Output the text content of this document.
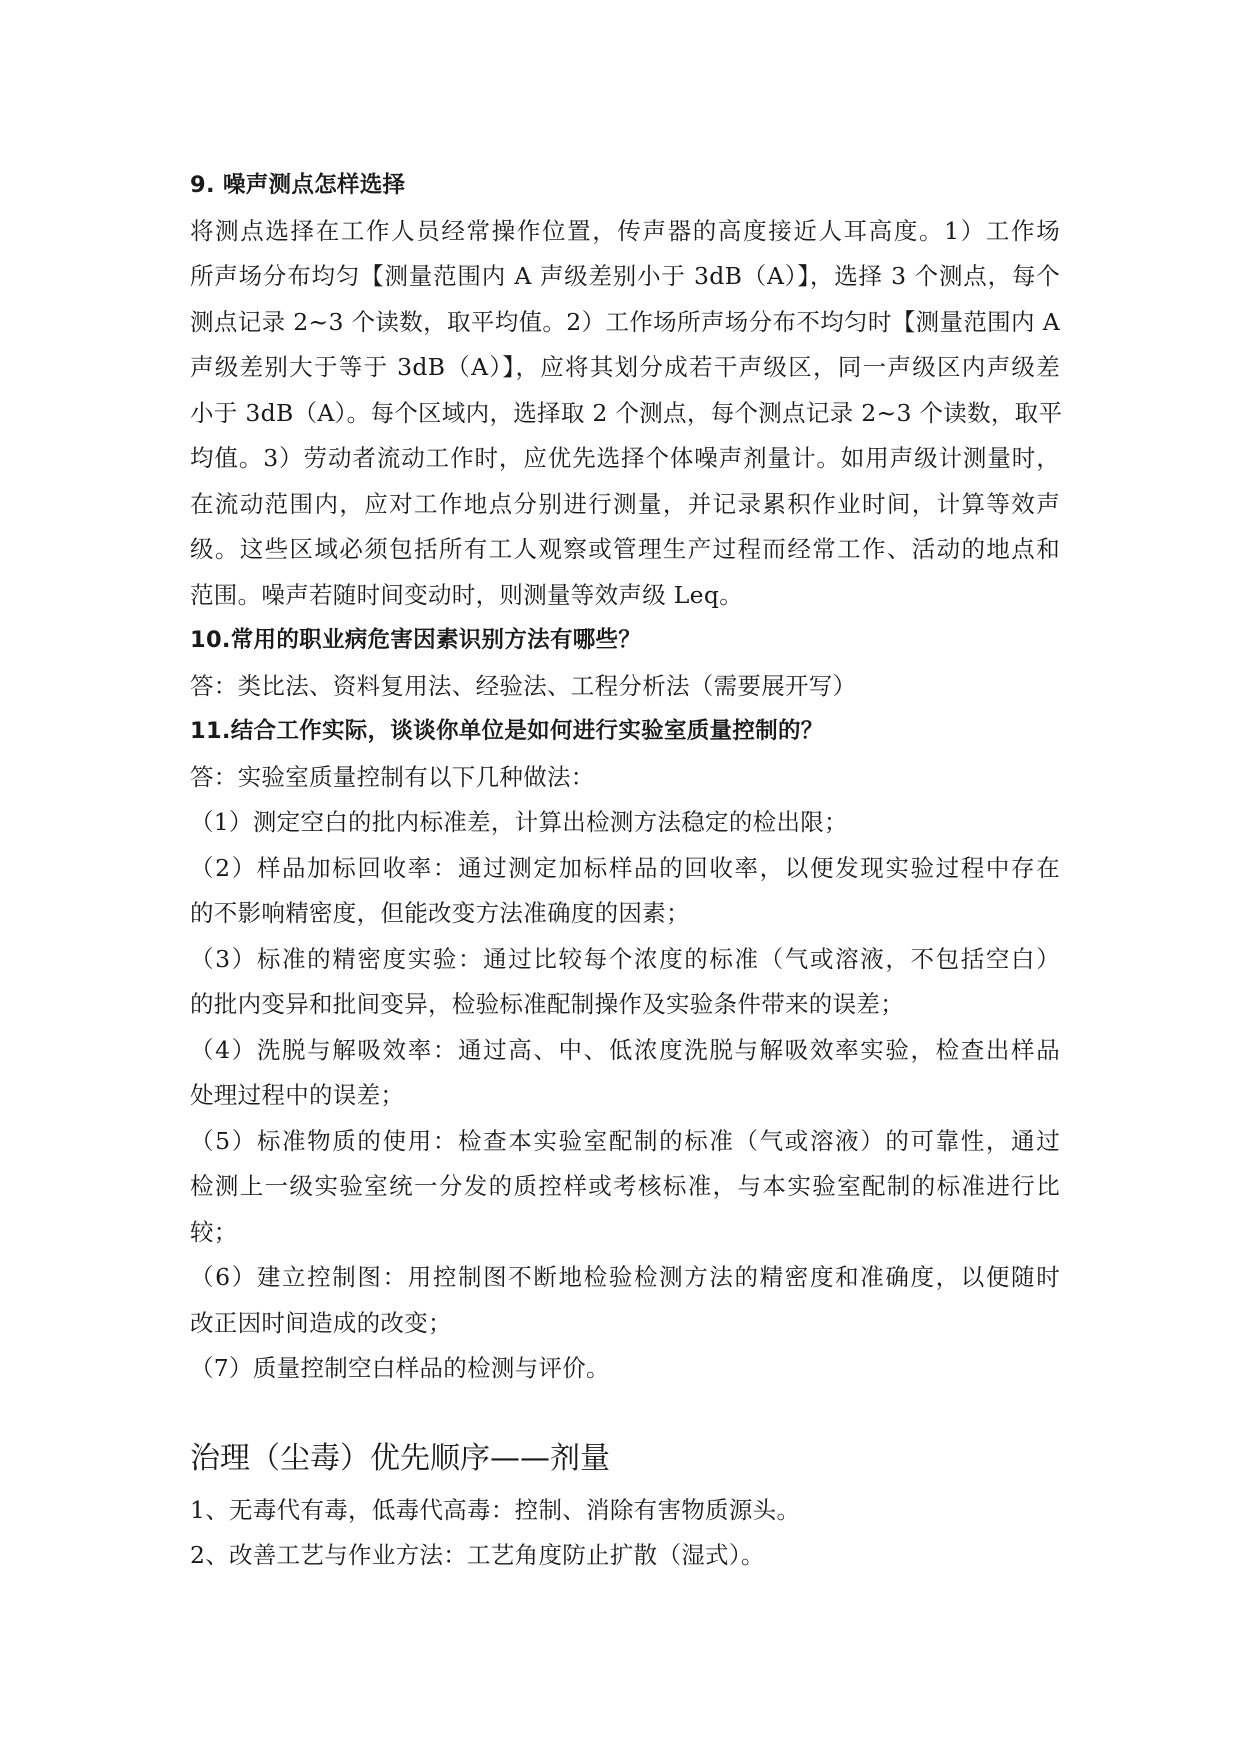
9. 噪声测点怎样选择
将测点选择在工作人员经常操作位置，传声器的高度接近人耳高度。1）工作场
所声场分布均匀【测量范围内 A 声级差别小于 3dB（A）】，选择 3 个测点，每个
测点记录 2~3 个读数，取平均值。2）工作场所声场分布不均匀时【测量范围内 A
声级差别大于等于 3dB（A）】，应将其划分成若干声级区，同一声级区内声级差
小于 3dB（A）。每个区域内，选择取 2 个测点，每个测点记录 2~3 个读数，取平
均值。3）劳动者流动工作时，应优先选择个体噪声剂量计。如用声级计测量时，
在流动范围内，应对工作地点分别进行测量，并记录累积作业时间，计算等效声
级。这些区域必须包括所有工人观察或管理生产过程而经常工作、活动的地点和
范围。噪声若随时间变动时，则测量等效声级 Leq。
10.常用的职业病危害因素识别方法有哪些？
答：类比法、资料复用法、经验法、工程分析法（需要展开写）
11.结合工作实际，谈谈你单位是如何进行实验室质量控制的？
答：实验室质量控制有以下几种做法：
（1）测定空白的批内标准差，计算出检测方法稳定的检出限；
（2）样品加标回收率：通过测定加标样品的回收率，以便发现实验过程中存在
的不影响精密度，但能改变方法准确度的因素；
（3）标准的精密度实验：通过比较每个浓度的标准（气或溶液，不包括空白）
的批内变异和批间变异，检验标准配制操作及实验条件带来的误差；
（4）洗脱与解吸效率：通过高、中、低浓度洗脱与解吸效率实验，检查出样品
处理过程中的误差；
（5）标准物质的使用：检查本实验室配制的标准（气或溶液）的可靠性，通过
检测上一级实验室统一分发的质控样或考核标准，与本实验室配制的标准进行比
较；
（6）建立控制图：用控制图不断地检验检测方法的精密度和准确度，以便随时
改正因时间造成的改变；
（7）质量控制空白样品的检测与评价。
治理（尘毒）优先顺序——剂量
1、无毒代有毒，低毒代高毒：控制、消除有害物质源头。
2、改善工艺与作业方法：工艺角度防止扩散（湿式）。
